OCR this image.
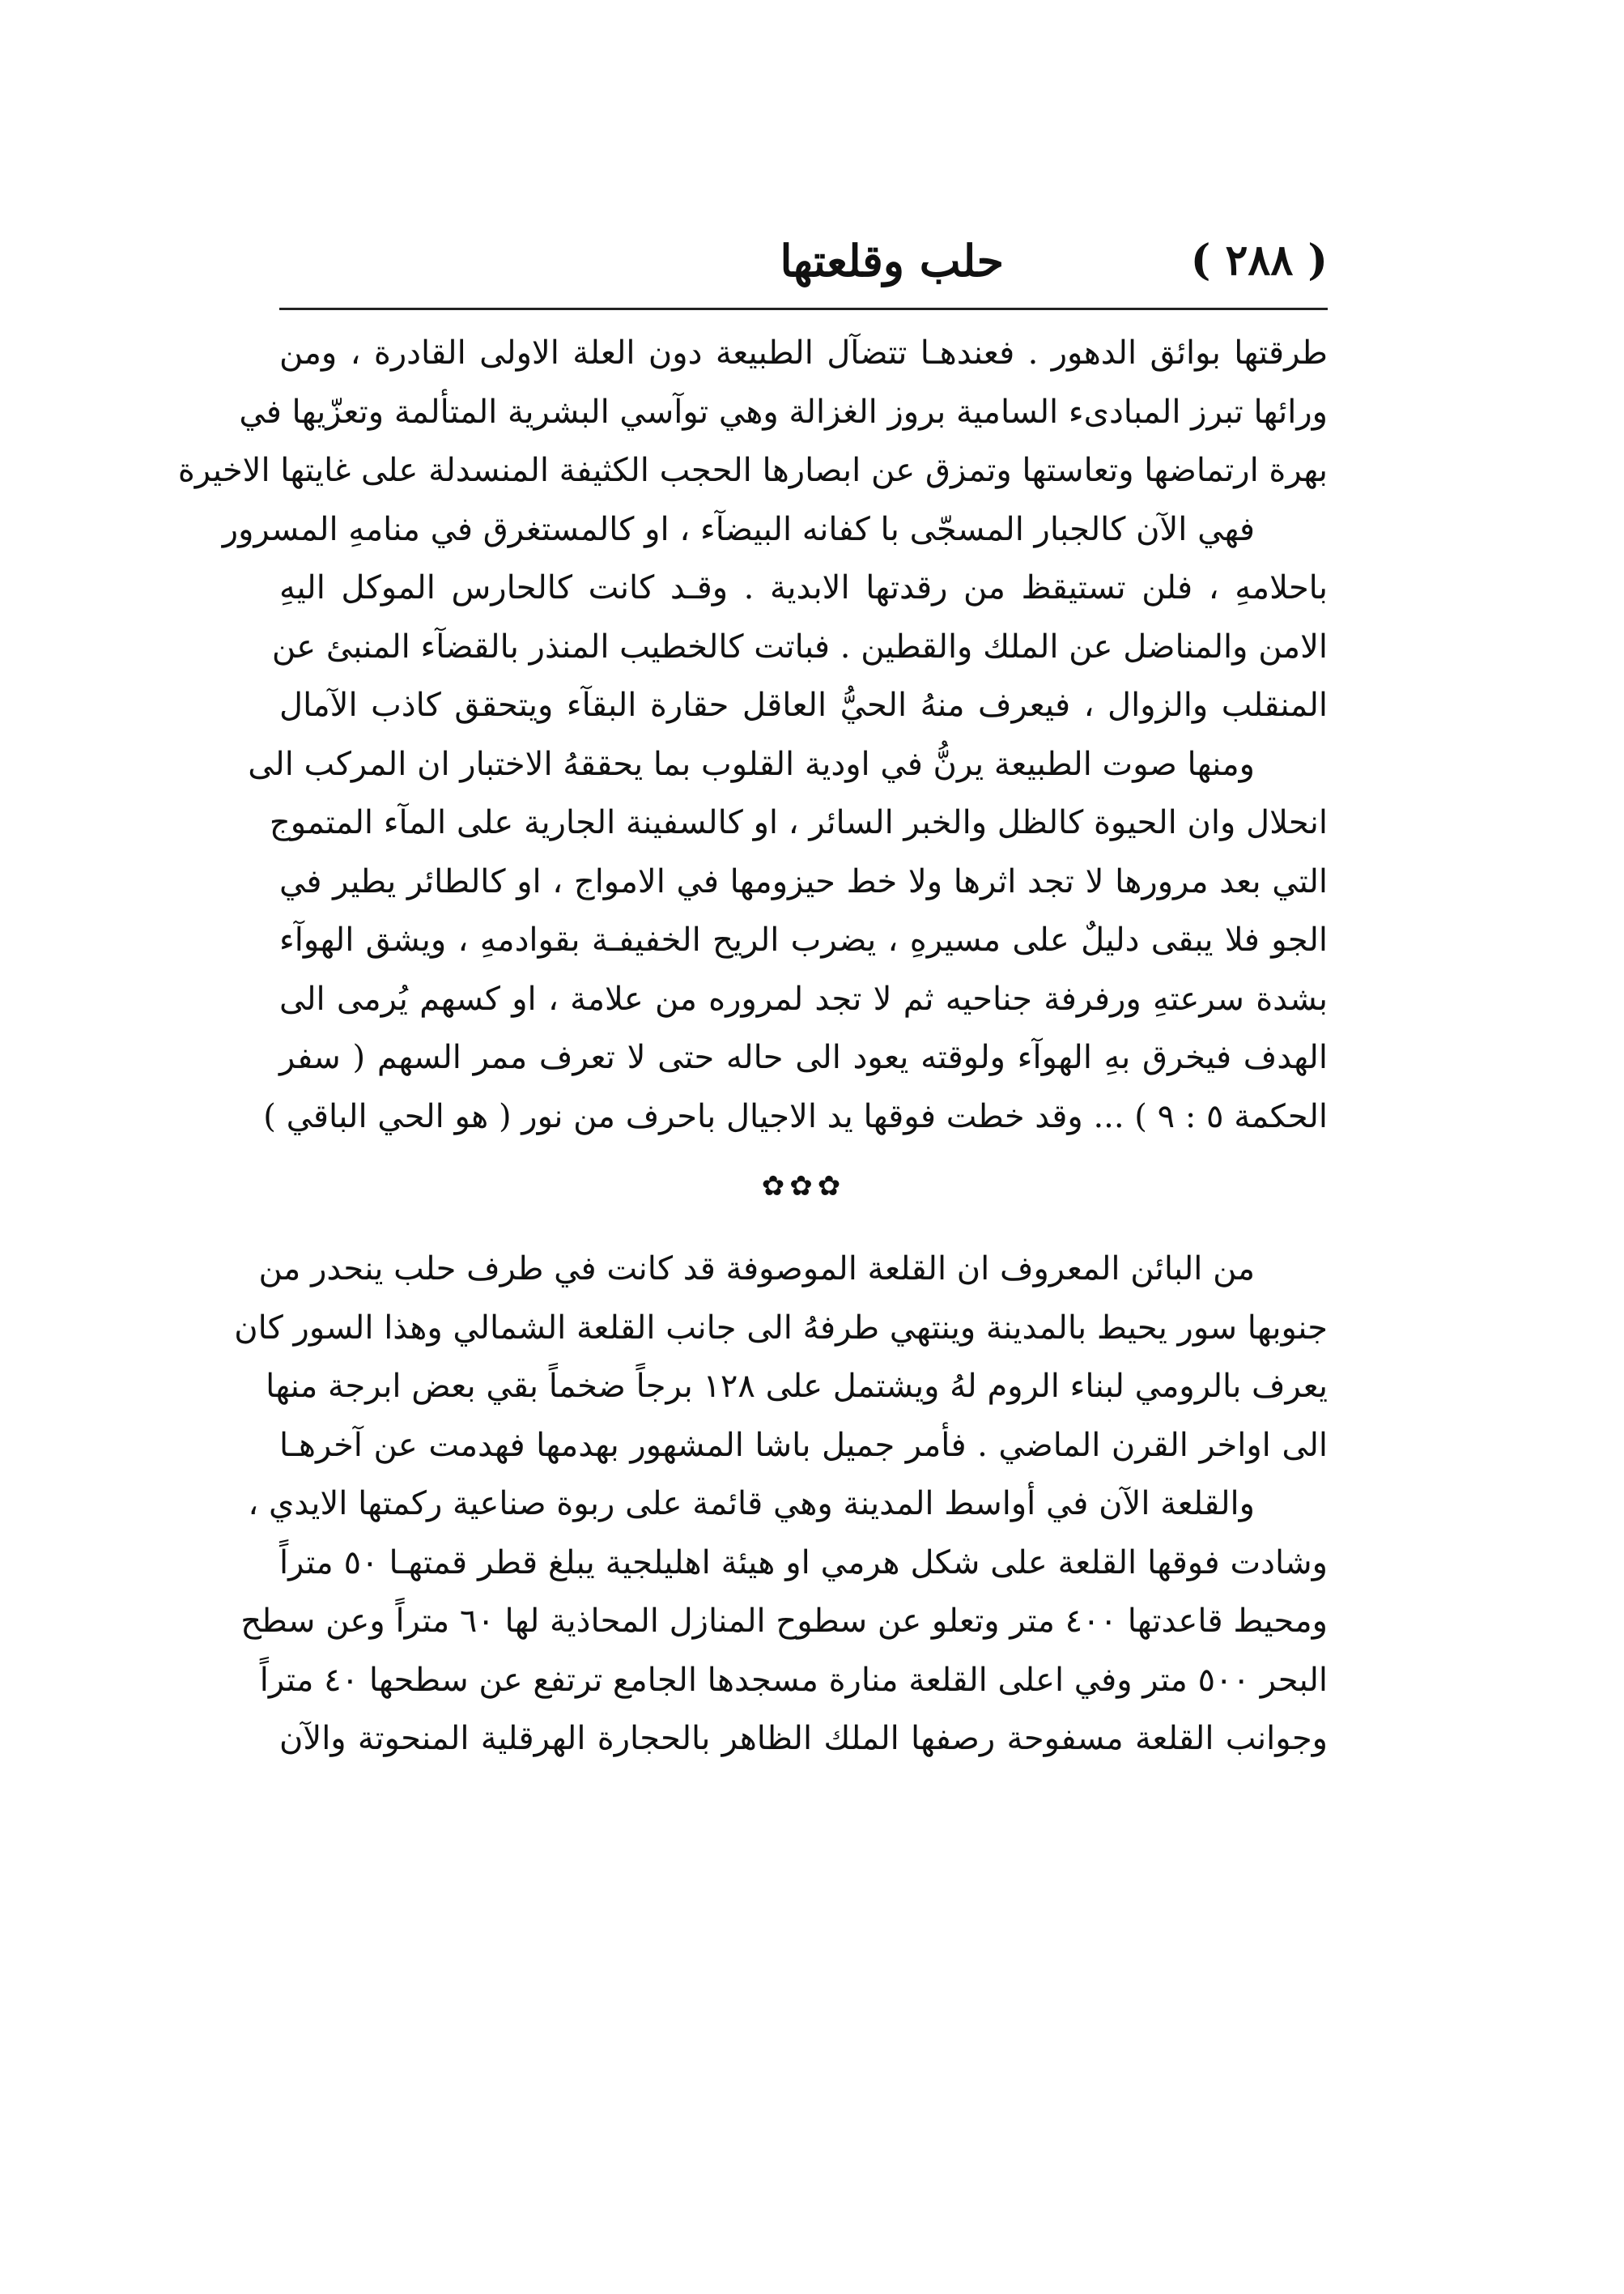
( ٢٨٨ )
حلب وقلعتها
طرقتها بوائق الدهور . فعندهـا تتضآل الطبيعة دون العلة الاولى القادرة ، ومن
ورائها تبرز المبادىء السامية بروز الغزالة وهي توآسي البشرية المتألمة وتعزّيها في
بهرة ارتماضها وتعاستها وتمزق عن ابصارها الحجب الكثيفة المنسدلة على غايتها الاخيرة
فهي الآن كالجبار المسجّى با كفانه البيضآء ، او كالمستغرق في منامهِ المسرور
باحلامهِ ، فلن تستيقظ من رقدتها الابدية . وقـد كانت كالحارس الموكل اليهِ
الامن والمناضل عن الملك والقطين . فباتت كالخطيب المنذر بالقضآء المنبئ عن
المنقلب والزوال ، فيعرف منهُ الحيُّ العاقل حقارة البقآء ويتحقق كاذب الآمال
ومنها صوت الطبيعة يرنُّ في اودية القلوب بما يحققهُ الاختبار ان المركب الى
انحلال وان الحيوة كالظل والخبر السائر ، او كالسفينة الجارية على المآء المتموج
التي بعد مرورها لا تجد اثرها ولا خط حيزومها في الامواج ، او كالطائر يطير في
الجو فلا يبقى دليلٌ على مسيرهِ ، يضرب الريح الخفيفـة بقوادمهِ ، ويشق الهوآء
بشدة سرعتهِ ورفرفة جناحيه ثم لا تجد لمروره من علامة ، او كسهم يُرمى الى
الهدف فيخرق بهِ الهوآء ولوقته يعود الى حاله حتى لا تعرف ممر السهم ( سفر
الحكمة ٥ : ٩ ) ... وقد خطت فوقها يد الاجيال باحرف من نور ( هو الحي الباقي )
✿✿✿
من البائن المعروف ان القلعة الموصوفة قد كانت في طرف حلب ينحدر من
جنوبها سور يحيط بالمدينة وينتهي طرفهُ الى جانب القلعة الشمالي وهذا السور كان
يعرف بالرومي لبناء الروم لهُ ويشتمل على ١٢٨ برجاً ضخماً بقي بعض ابرجة منها
الى اواخر القرن الماضي . فأمر جميل باشا المشهور بهدمها فهدمت عن آخرهـا
والقلعة الآن في أواسط المدينة وهي قائمة على ربوة صناعية ركمتها الايدي ،
وشادت فوقها القلعة على شكل هرمي او هيئة اهليلجية يبلغ قطر قمتهـا ٥٠ متراً
ومحيط قاعدتها ٤٠٠ متر وتعلو عن سطوح المنازل المحاذية لها ٦٠ متراً وعن سطح
البحر ٥٠٠ متر وفي اعلى القلعة منارة مسجدها الجامع ترتفع عن سطحها ٤٠ متراً
وجوانب القلعة مسفوحة رصفها الملك الظاهر بالحجارة الهرقلية المنحوتة والآن
